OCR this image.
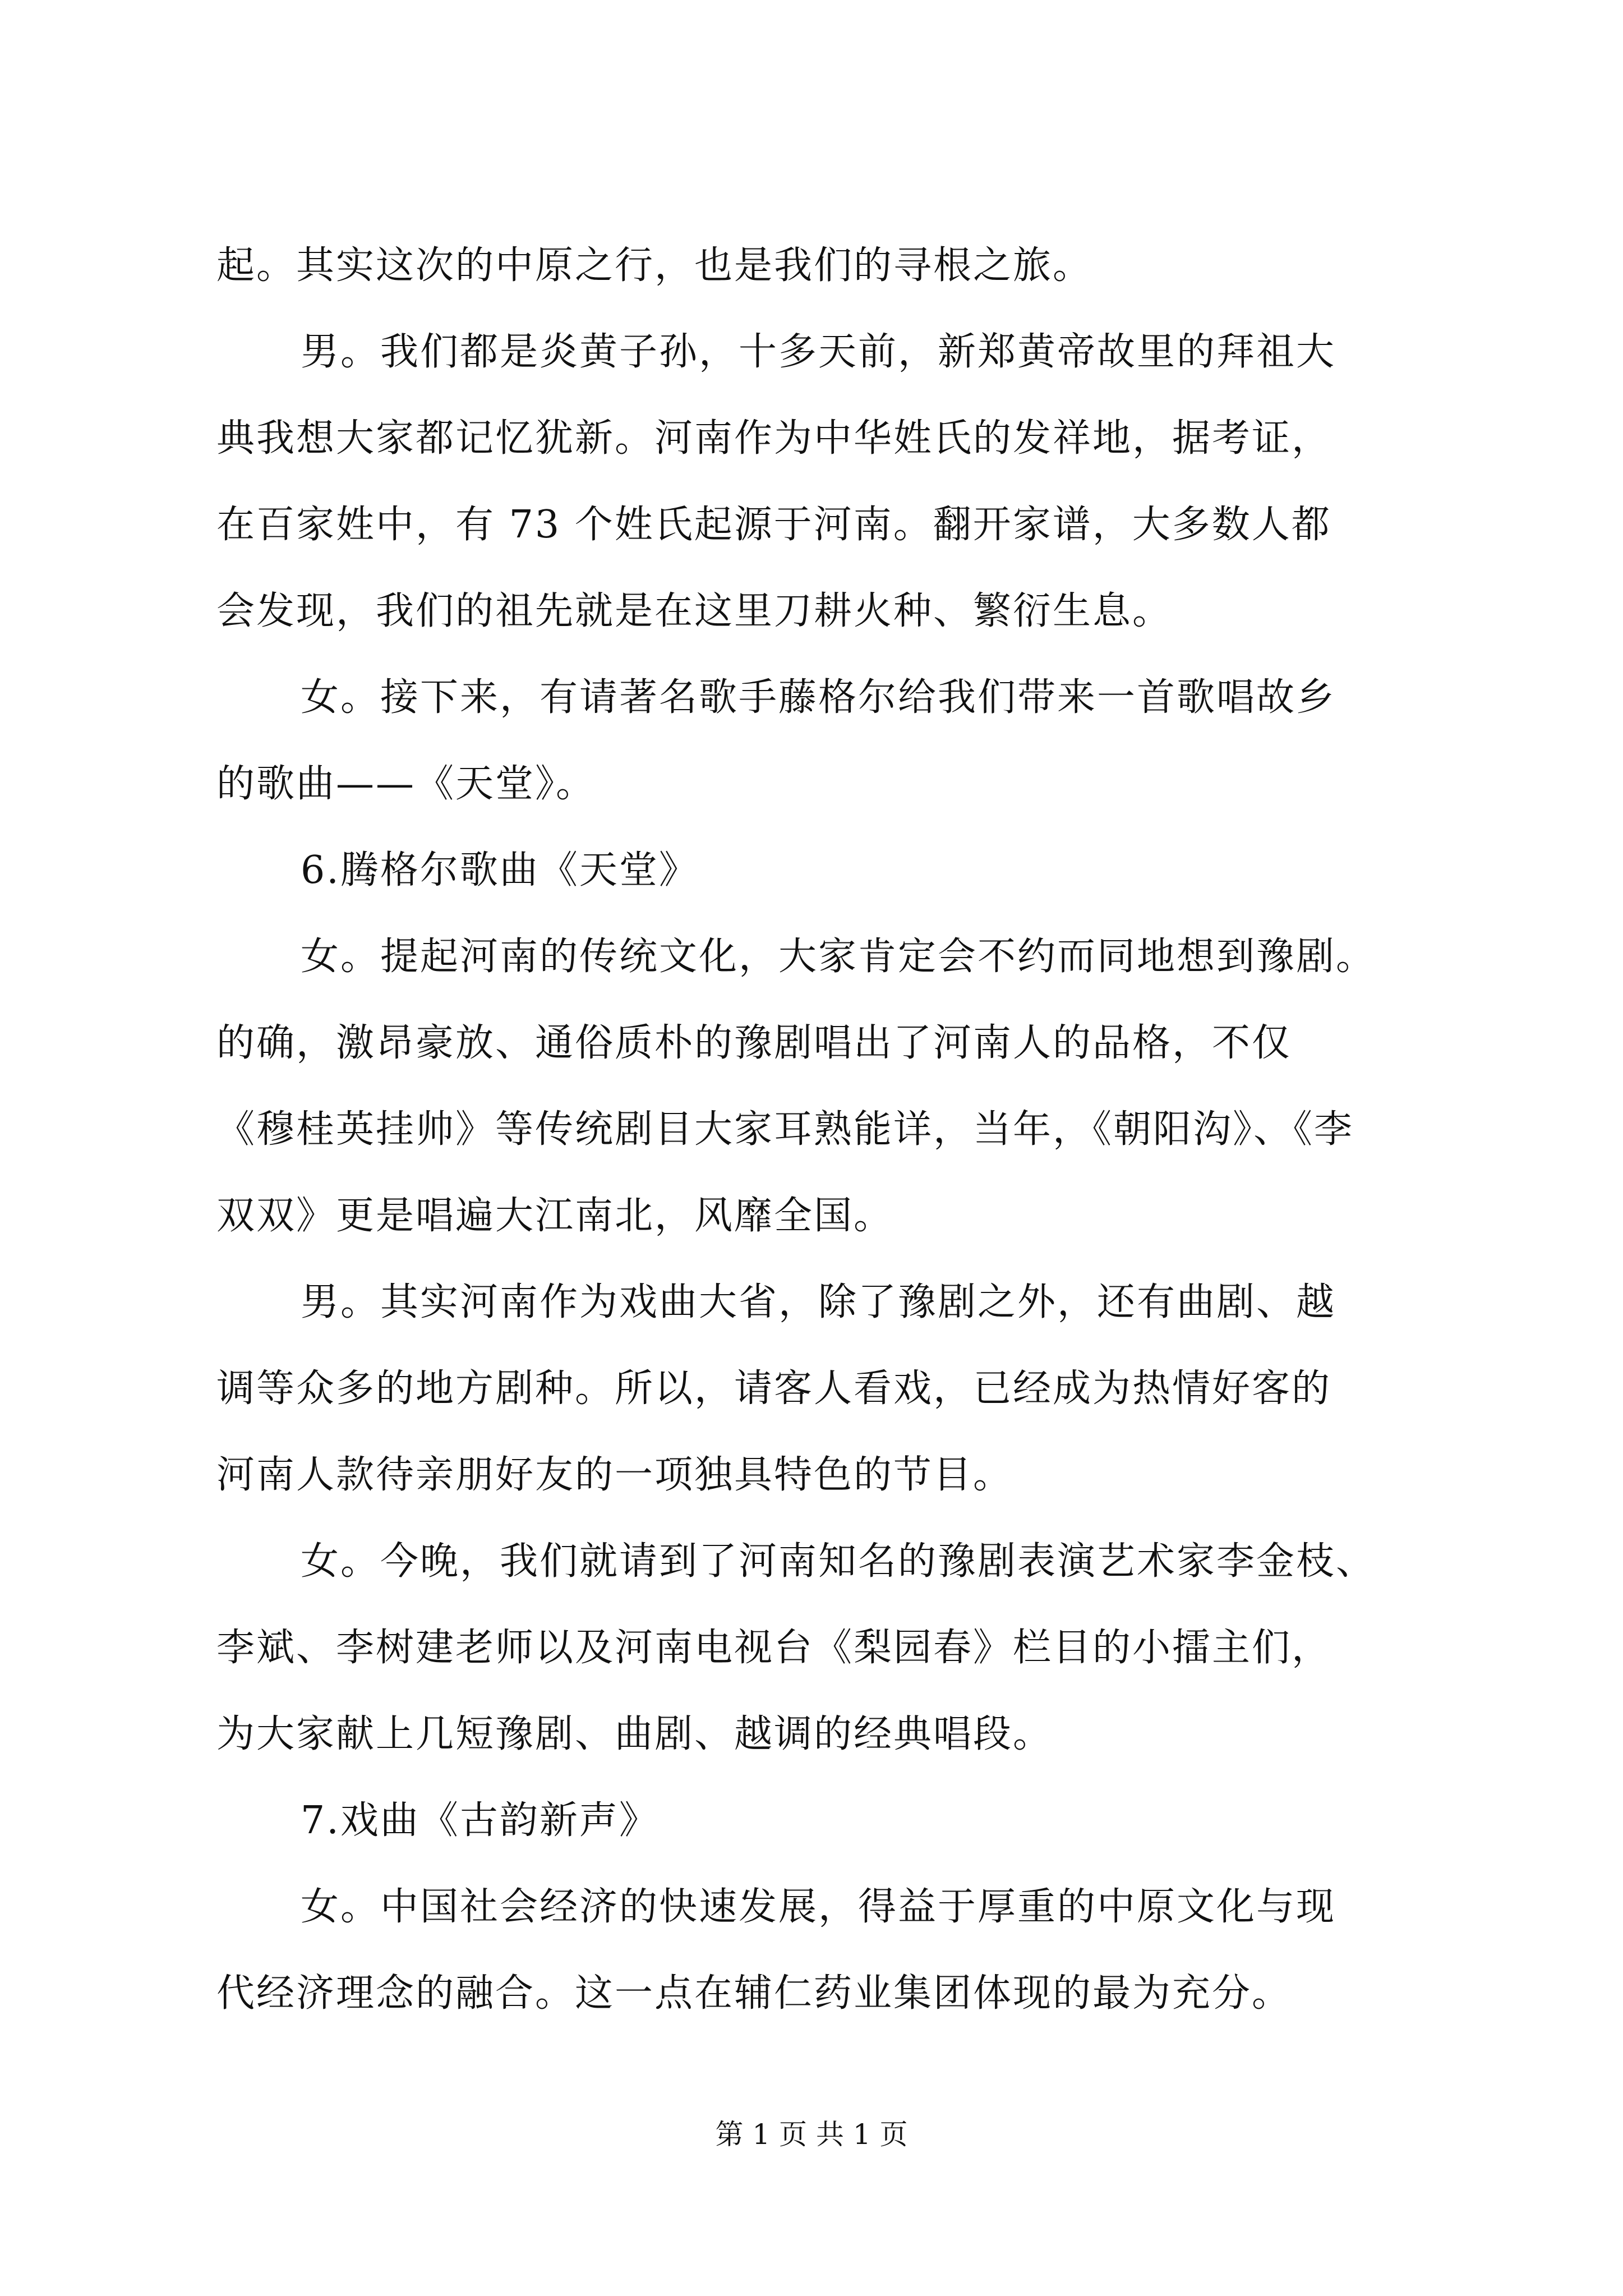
起。其实这次的中原之行，也是我们的寻根之旅。
男。我们都是炎黄子孙，十多天前，新郑黄帝故里的拜祖大
典我想大家都记忆犹新。河南作为中华姓氏的发祥地，据考证，
在百家姓中，有 73 个姓氏起源于河南。翻开家谱，大多数人都
会发现，我们的祖先就是在这里刀耕火种、繁衍生息。
女。接下来，有请著名歌手藤格尔给我们带来一首歌唱故乡
的歌曲——《天堂》。
6.腾格尔歌曲《天堂》
女。提起河南的传统文化，大家肯定会不约而同地想到豫剧。
的确，激昂豪放、通俗质朴的豫剧唱出了河南人的品格，不仅
《穆桂英挂帅》等传统剧目大家耳熟能详，当年，《朝阳沟》、《李
双双》更是唱遍大江南北，风靡全国。
男。其实河南作为戏曲大省，除了豫剧之外，还有曲剧、越
调等众多的地方剧种。所以，请客人看戏，已经成为热情好客的
河南人款待亲朋好友的一项独具特色的节目。
女。今晚，我们就请到了河南知名的豫剧表演艺术家李金枝、
李斌、李树建老师以及河南电视台《梨园春》栏目的小擂主们，
为大家献上几短豫剧、曲剧、越调的经典唱段。
7.戏曲《古韵新声》
女。中国社会经济的快速发展，得益于厚重的中原文化与现
代经济理念的融合。这一点在辅仁药业集团体现的最为充分。
第 1 页 共 1 页
